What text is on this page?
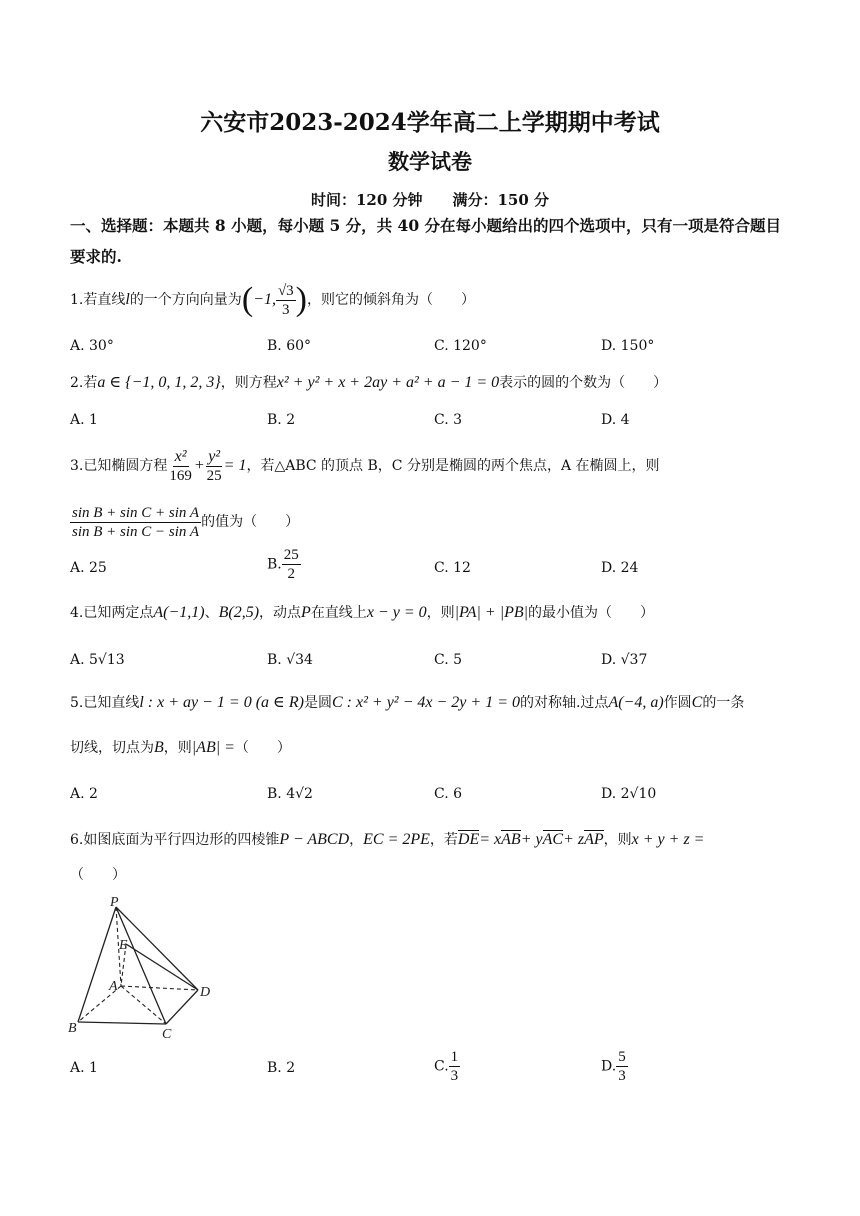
六安市2023-2024学年高二上学期期中考试
数学试卷
时间：120 分钟　　满分：150 分
一、选择题：本题共 8 小题，每小题 5 分，共 40 分在每小题给出的四个选项中，只有一项是符合题目要求的.
1.若直线l的一个方向向量为(−1, $\frac{√3}{3}$ )，则它的倾斜角为（　　）
A. 30°	B. 60°	C. 120°	D. 150°
2.若a ∈ {−1, 0, 1, 2, 3}，则方程x² + y² + x + 2ay + a² + a − 1 = 0表示的圆的个数为（　　）
A. 1	B. 2	C. 3	D. 4
3.已知椭圆方程 $\frac{\text{x²}}{169} + \frac{\text{y²}}{25} = 1$，若△ABC 的顶点 B，C 分别是椭圆的两个焦点，A 在椭圆上，则
$\frac{\text{sin B + sin C + sin A}}{\text{sin B + sin C − sin A}}$ 的值为（　　）
A. 25	B. $\frac{25}{2}$	C. 12	D. 24
4.已知两定点A(−1,1)、B(2,5)，动点P在直线上x − y = 0，则|PA| + |PB|的最小值为（　　）
A. 5√13	B. √34	C. 5	D. √37
5.已知直线l : x + ay − 1 = 0 (a ∈ R)是圆C : x² + y² − 4x − 2y + 1 = 0的对称轴.过点A(−4, a)作圆C的一条
切线，切点为B，则|AB| =（　　）
A. 2	B. 4√2	C. 6	D. 2√10
6.如图底面为平行四边形的四棱锥P − ABCD，EC = 2PE，若DE= xAB+ yAC+ zAP，则x + y + z =
（　　）
P
E
A	D
B	C
A. 1	B. 2	C. $\frac{1}{3}$	D. $\frac{5}{3}$
